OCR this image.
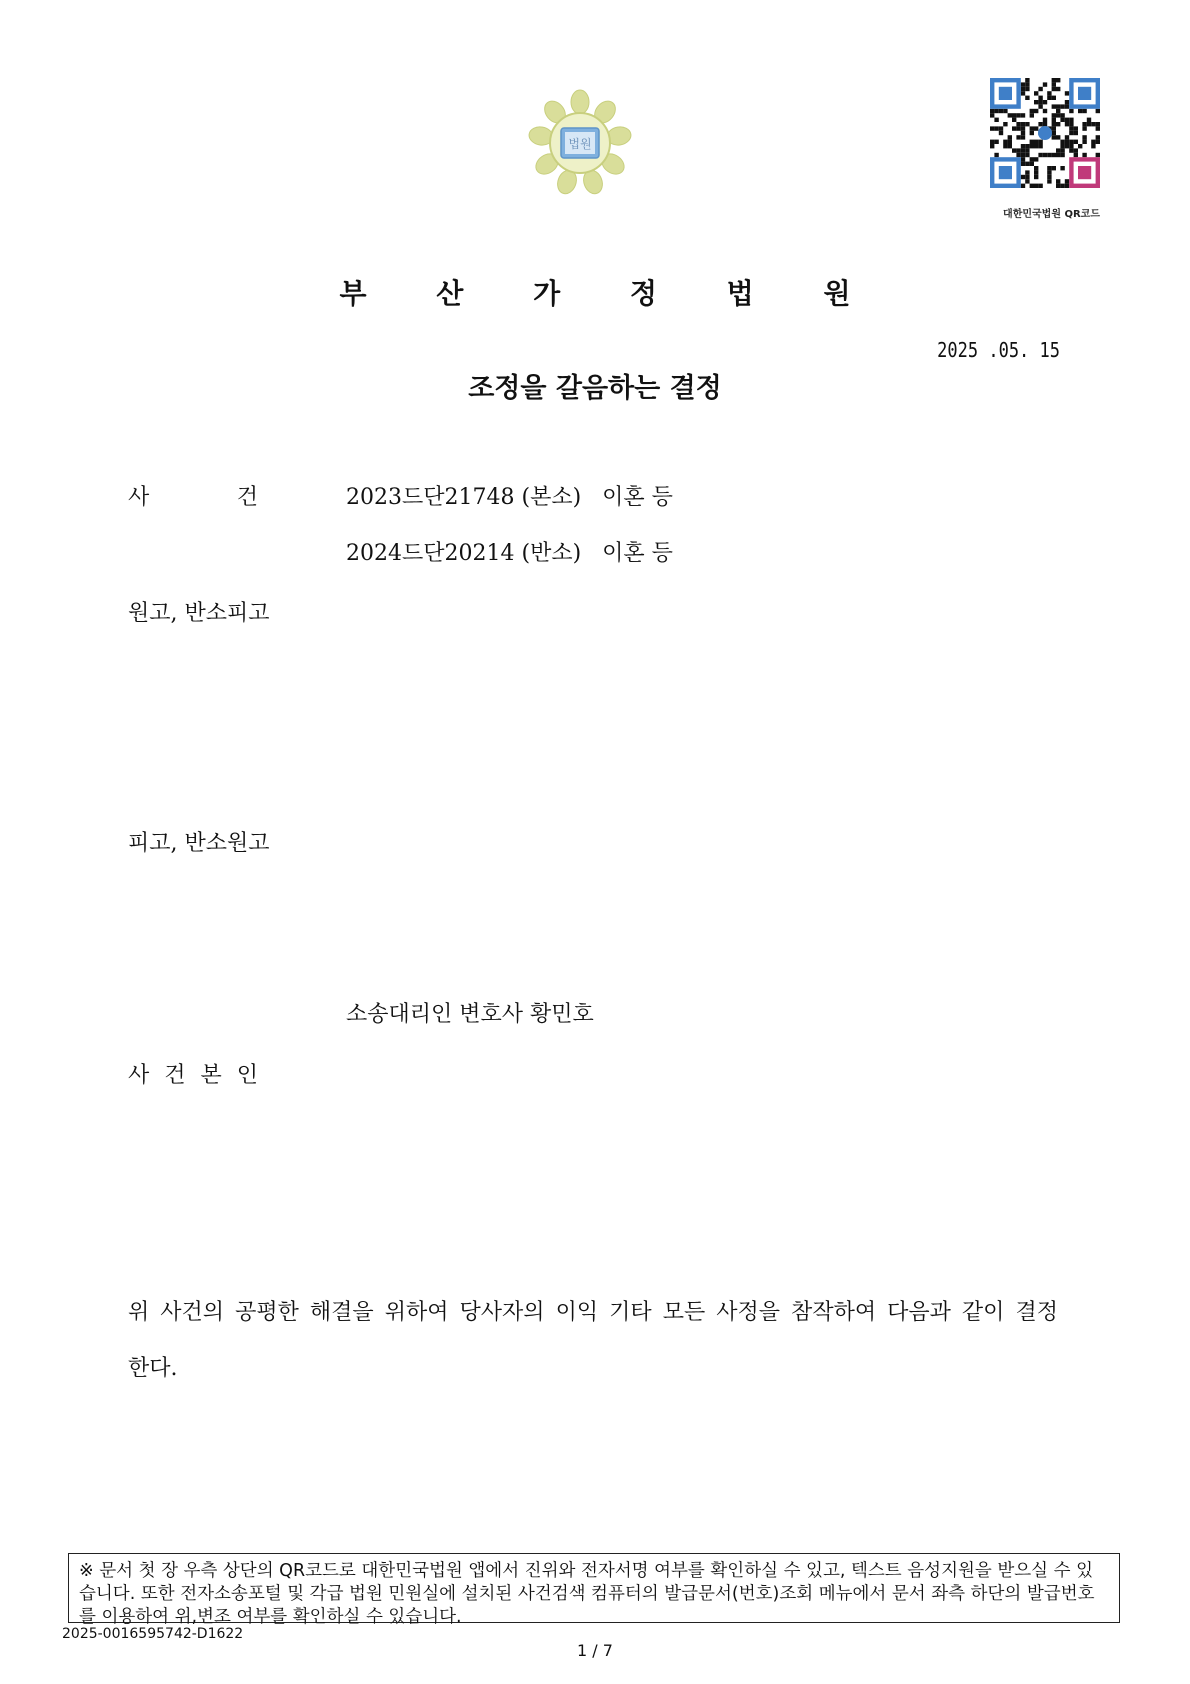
법원
대한민국법원 QR코드
부 산 가 정 법 원
2025 .05. 15
조정을 갈음하는 결정
사	건	2023드단21748 (본소) 이혼 등
2024드단20214 (반소) 이혼 등
원고, 반소피고
피고, 반소원고
소송대리인 변호사 황민호
사 건 본 인
위 사건의 공평한 해결을 위하여 당사자의 이익 기타 모든 사정을 참작하여 다음과 같이 결정한다.
※ 문서 첫 장 우측 상단의 QR코드로 대한민국법원 앱에서 진위와 전자서명 여부를 확인하실 수 있고, 텍스트 음성지원을 받으실 수 있습니다. 또한 전자소송포털 및 각급 법원 민원실에 설치된 사건검색 컴퓨터의 발급문서(번호)조회 메뉴에서 문서 좌측 하단의 발급번호를 이용하여 위,변조 여부를 확인하실 수 있습니다.
2025-0016595742-D1622
1 / 7
